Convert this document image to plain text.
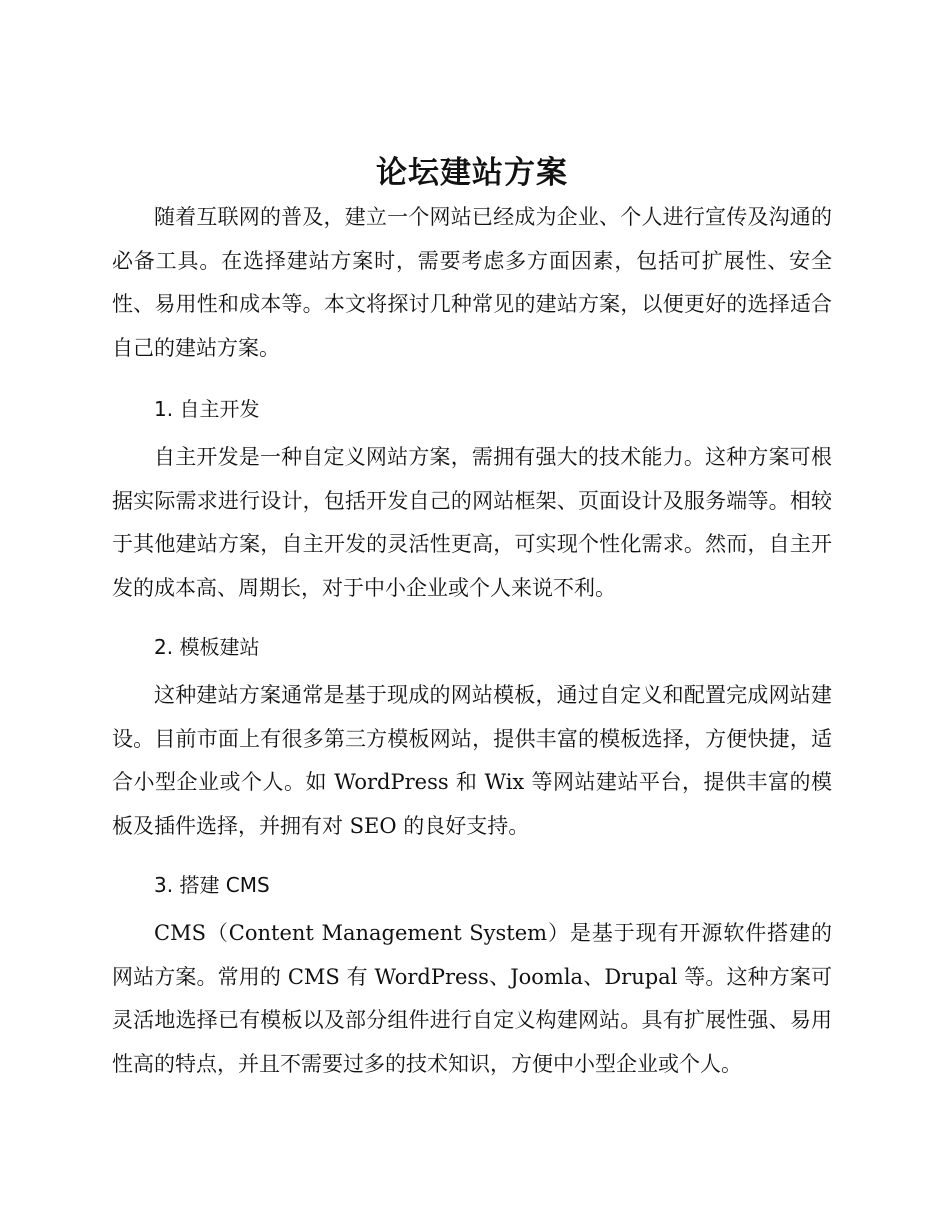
论坛建站方案

随着互联网的普及，建立一个网站已经成为企业、个人进行宣传及沟通的必备工具。在选择建站方案时，需要考虑多方面因素，包括可扩展性、安全性、易用性和成本等。本文将探讨几种常见的建站方案，以便更好的选择适合自己的建站方案。

1. 自主开发

自主开发是一种自定义网站方案，需拥有强大的技术能力。这种方案可根据实际需求进行设计，包括开发自己的网站框架、页面设计及服务端等。相较于其他建站方案，自主开发的灵活性更高，可实现个性化需求。然而，自主开发的成本高、周期长，对于中小企业或个人来说不利。

2. 模板建站

这种建站方案通常是基于现成的网站模板，通过自定义和配置完成网站建设。目前市面上有很多第三方模板网站，提供丰富的模板选择，方便快捷，适合小型企业或个人。如 WordPress 和 Wix 等网站建站平台，提供丰富的模板及插件选择，并拥有对 SEO 的良好支持。

3. 搭建 CMS

CMS（Content Management System）是基于现有开源软件搭建的网站方案。常用的 CMS 有 WordPress、Joomla、Drupal 等。这种方案可灵活地选择已有模板以及部分组件进行自定义构建网站。具有扩展性强、易用性高的特点，并且不需要过多的技术知识，方便中小型企业或个人。
